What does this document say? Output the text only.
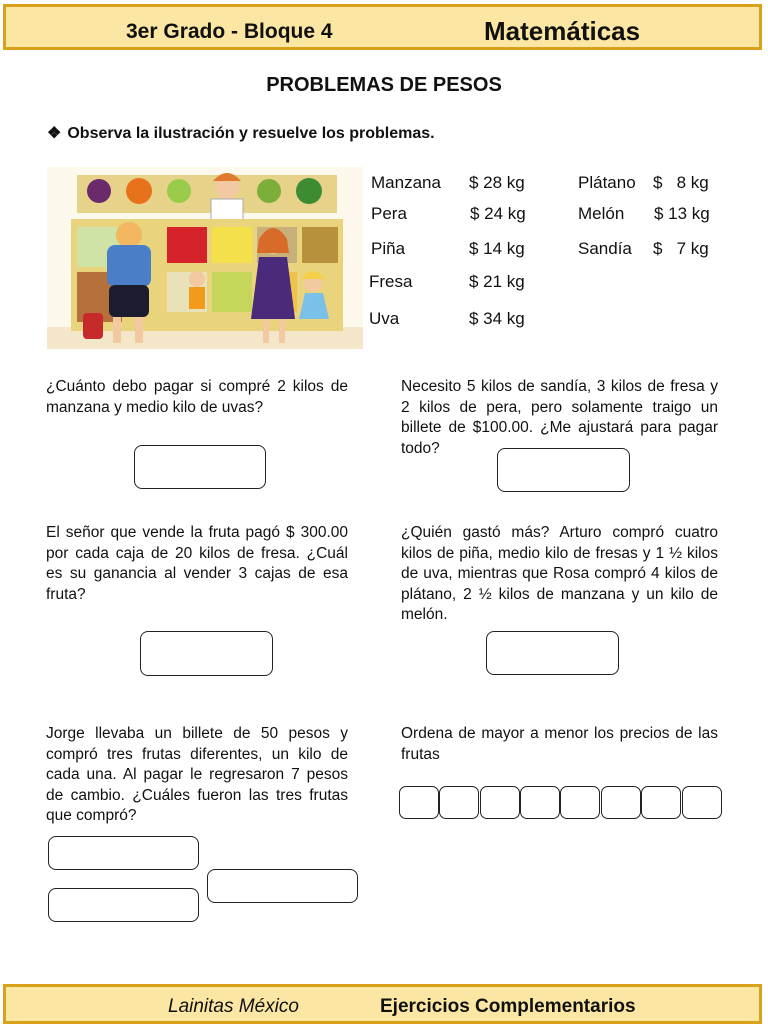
3er Grado - Bloque 4	Matemáticas
PROBLEMAS DE PESOS
❖ Observa la ilustración y resuelve los problemas.
Manzana $ 28 kg
Pera	$ 24 kg
Piña	$ 14 kg
Fresa	$ 21 kg
Uva	$ 34 kg
Plátano $   8 kg
Melón $ 13 kg
Sandía $   7 kg
¿Cuánto debo pagar si compré 2 kilos de manzana y medio kilo de uvas?
Necesito 5 kilos de sandía, 3 kilos de fresa y 2 kilos de pera, pero solamente traigo un billete de $100.00. ¿Me ajustará para pagar todo?
El señor que vende la fruta pagó $ 300.00 por cada caja de 20 kilos de fresa. ¿Cuál es su ganancia al vender 3 cajas de esa fruta?
¿Quién gastó más? Arturo compró cuatro kilos de piña, medio kilo de fresas y 1 ½ kilos de uva, mientras que Rosa compró 4 kilos de plátano, 2 ½ kilos de manzana y un kilo de melón.
Jorge llevaba un billete de 50 pesos y compró tres frutas diferentes, un kilo de cada una. Al pagar le regresaron 7 pesos de cambio. ¿Cuáles fueron las tres frutas que compró?
Ordena de mayor a menor los precios de las frutas
Lainitas México	Ejercicios Complementarios
